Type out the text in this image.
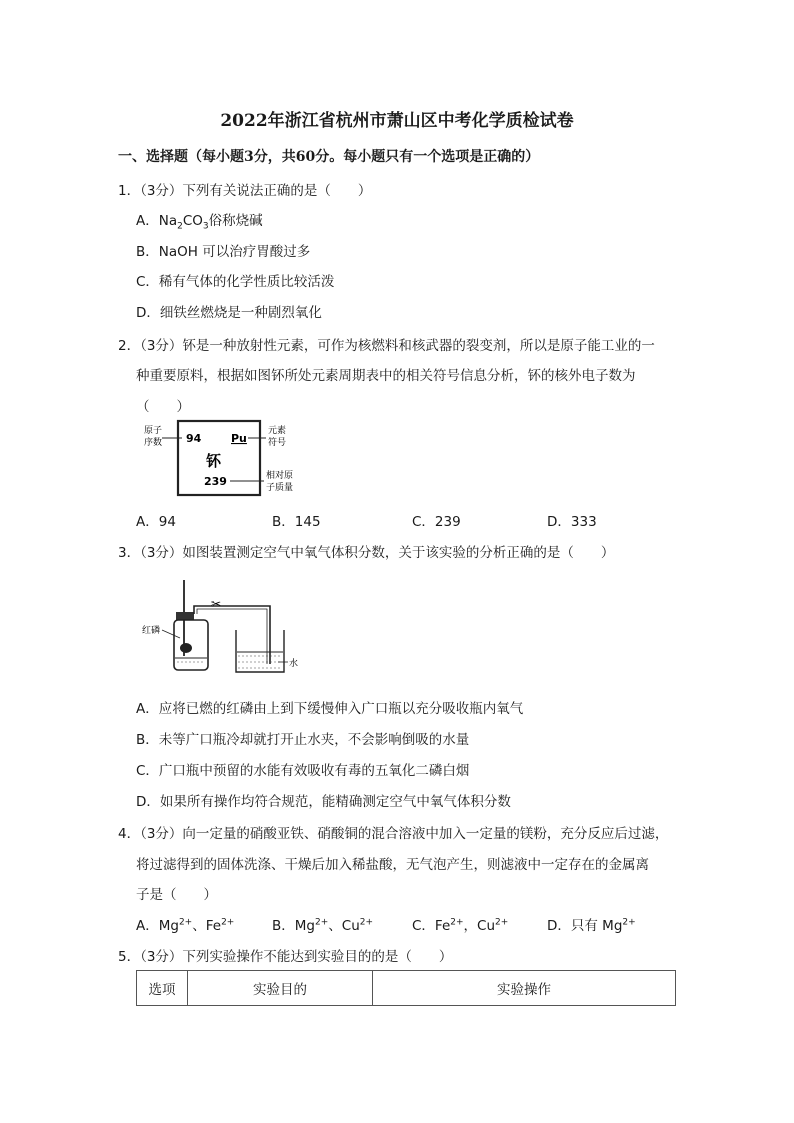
2022年浙江省杭州市萧山区中考化学质检试卷
一、选择题（每小题3分，共60分。每小题只有一个选项是正确的）
1．（3分）下列有关说法正确的是（　　）
A．$Na_2CO_3$俗称烧碱
B．NaOH 可以治疗胃酸过多
C．稀有气体的化学性质比较活泼
D．细铁丝燃烧是一种剧烈氧化
2．（3分）钚是一种放射性元素，可作为核燃料和核武器的裂变剂，所以是原子能工业的一
种重要原料，根据如图钚所处元素周期表中的相关符号信息分析，钚的核外电子数为
（　　）
原子
序数 94	Pu
元素
符号
钚
239	相对原
子质量
A．94	B．145	C．239	D．333
3．（3分）如图装置测定空气中氧气体积分数，关于该实验的分析正确的是（　　）
红磷
✂
水
A．应将已燃的红磷由上到下缓慢伸入广口瓶以充分吸收瓶内氧气
B．未等广口瓶冷却就打开止水夹，不会影响倒吸的水量
C．广口瓶中预留的水能有效吸收有毒的五氧化二磷白烟
D．如果所有操作均符合规范，能精确测定空气中氧气体积分数
4．（3分）向一定量的硝酸亚铁、硝酸铜的混合溶液中加入一定量的镁粉，充分反应后过滤，
将过滤得到的固体洗涤、干燥后加入稀盐酸，无气泡产生，则滤液中一定存在的金属离
子是（　　）
A．$Mg^{2+}$、$Fe^{2+}$	B．$Mg^{2+}$、$Cu^{2+}$	C．$Fe^{2+}$，$Cu^{2+}$	D．只有 $Mg^{2+}$
5．（3分）下列实验操作不能达到实验目的的是（　　）
选项	实验目的	实验操作
